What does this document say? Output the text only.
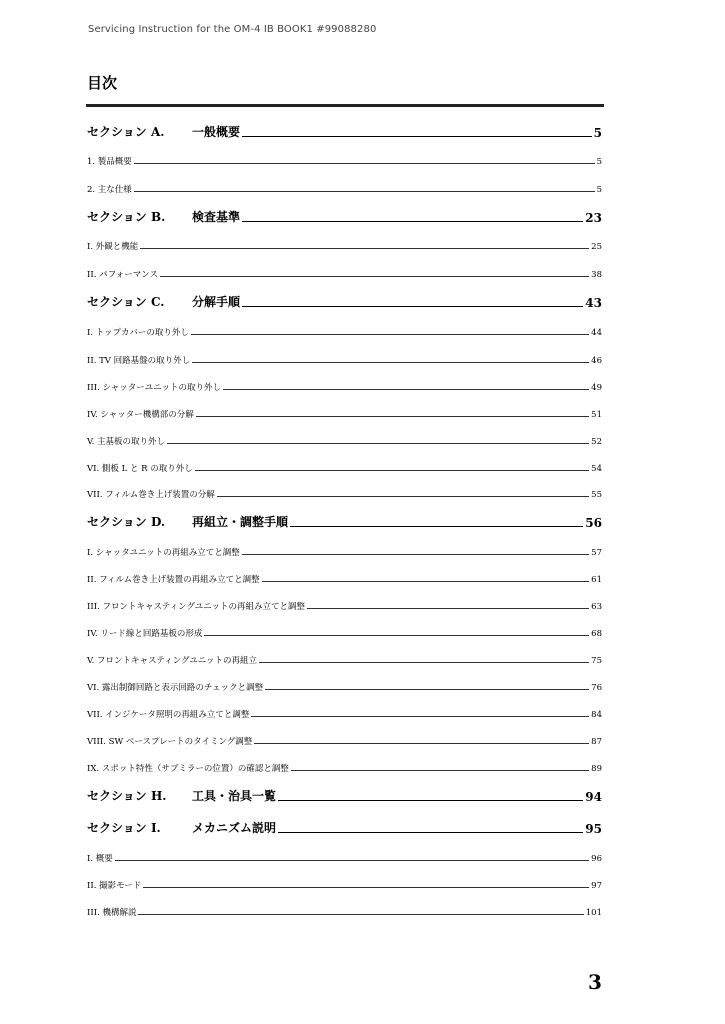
Servicing Instruction for the OM-4 IB BOOK1 #99088280
目次
セクション A.	一般概要	5
1. 製品概要	5
2. 主な仕様	5
セクション B.	検査基準	23
I. 外観と機能	25
II. パフォーマンス	38
セクション C.	分解手順	43
I. トップカバーの取り外し	44
II. TV 回路基盤の取り外し	46
III. シャッターユニットの取り外し	49
IV. シャッター機構部の分解	51
V. 主基板の取り外し	52
VI. 側板 L と R の取り外し	54
VII. フィルム巻き上げ装置の分解	55
セクション D.	再組立・調整手順	56
I. シャッタユニットの再組み立てと調整	57
II. フィルム巻き上げ装置の再組み立てと調整	61
III. フロントキャスティングユニットの再組み立てと調整	63
IV. リード線と回路基板の形成	68
V. フロントキャスティングユニットの再組立	75
VI. 露出制御回路と表示回路のチェックと調整	76
VII. インジケータ照明の再組み立てと調整	84
VIII. SW ベースプレートのタイミング調整	87
IX. スポット特性（サブミラーの位置）の確認と調整	89
セクション H.	工具・治具一覧	94
セクション I.	メカニズム説明	95
I. 概要	96
II. 撮影モード	97
III. 機構解説	101
3
